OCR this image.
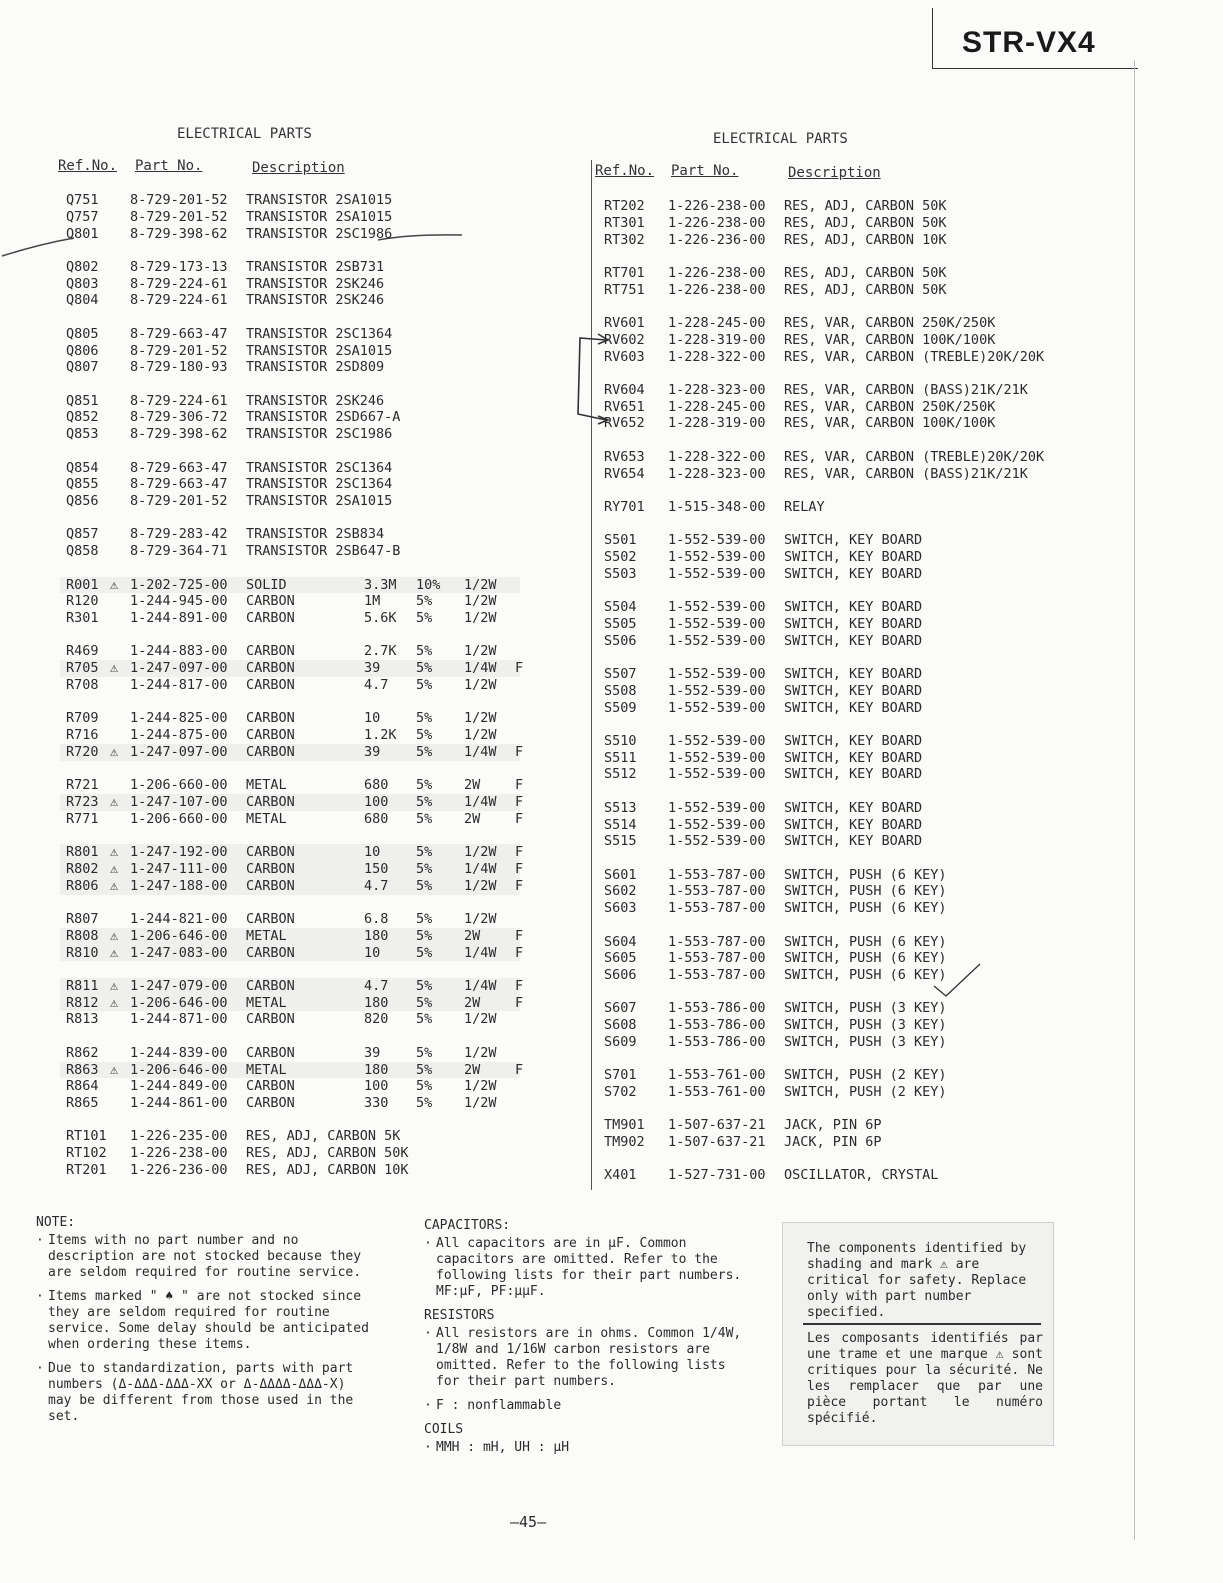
STR-VX4
ELECTRICAL PARTS
Ref.No. Part No.	Description
Q751 8-729-201-52 TRANSISTOR 2SA1015
Q757 8-729-201-52 TRANSISTOR 2SA1015
Q801 8-729-398-62 TRANSISTOR 2SC1986
Q802 8-729-173-13 TRANSISTOR 2SB731
Q803 8-729-224-61 TRANSISTOR 2SK246
Q804 8-729-224-61 TRANSISTOR 2SK246
Q805 8-729-663-47 TRANSISTOR 2SC1364
Q806 8-729-201-52 TRANSISTOR 2SA1015
Q807 8-729-180-93 TRANSISTOR 2SD809
Q851 8-729-224-61 TRANSISTOR 2SK246
Q852 8-729-306-72 TRANSISTOR 2SD667-A
Q853 8-729-398-62 TRANSISTOR 2SC1986
Q854 8-729-663-47 TRANSISTOR 2SC1364
Q855 8-729-663-47 TRANSISTOR 2SC1364
Q856 8-729-201-52 TRANSISTOR 2SA1015
Q857 8-729-283-42 TRANSISTOR 2SB834
Q858 8-729-364-71 TRANSISTOR 2SB647-B
R001 ⚠ 1-202-725-00 SOLID	3.3M 10% 1/2W
R120 1-244-945-00 CARBON	1M	5% 1/2W
R301 1-244-891-00 CARBON	5.6K 5% 1/2W
R469 1-244-883-00 CARBON	2.7K 5% 1/2W
R705 ⚠ 1-247-097-00 CARBON	39	5% 1/4W F
R708 1-244-817-00 CARBON	4.7 5% 1/2W
R709 1-244-825-00 CARBON	10	5% 1/2W
R716 1-244-875-00 CARBON	1.2K 5% 1/2W
R720 ⚠ 1-247-097-00 CARBON	39	5% 1/4W F
R721 1-206-660-00 METAL	680 5% 2W	F
R723 ⚠ 1-247-107-00 CARBON	100 5% 1/4W F
R771 1-206-660-00 METAL	680 5% 2W	F
R801 ⚠ 1-247-192-00 CARBON	10	5% 1/2W F
R802 ⚠ 1-247-111-00 CARBON	150 5% 1/4W F
R806 ⚠ 1-247-188-00 CARBON	4.7 5% 1/2W F
R807 1-244-821-00 CARBON	6.8 5% 1/2W
R808 ⚠ 1-206-646-00 METAL	180 5% 2W	F
R810 ⚠ 1-247-083-00 CARBON	10	5% 1/4W F
R811 ⚠ 1-247-079-00 CARBON	4.7 5% 1/4W F
R812 ⚠ 1-206-646-00 METAL	180 5% 2W	F
R813 1-244-871-00 CARBON	820 5% 1/2W
R862 1-244-839-00 CARBON	39	5% 1/2W
R863 ⚠ 1-206-646-00 METAL	180 5% 2W	F
R864 1-244-849-00 CARBON	100 5% 1/2W
R865 1-244-861-00 CARBON	330 5% 1/2W
RT101 1-226-235-00 RES, ADJ, CARBON 5K
RT102 1-226-238-00 RES, ADJ, CARBON 50K
RT201 1-226-236-00 RES, ADJ, CARBON 10K
ELECTRICAL PARTS
Ref.No. Part No.	Description
RT202 1-226-238-00 RES, ADJ, CARBON 50K
RT301 1-226-238-00 RES, ADJ, CARBON 50K
RT302 1-226-236-00 RES, ADJ, CARBON 10K
RT701 1-226-238-00 RES, ADJ, CARBON 50K
RT751 1-226-238-00 RES, ADJ, CARBON 50K
RV601 1-228-245-00 RES, VAR, CARBON 250K/250K
RV602 1-228-319-00 RES, VAR, CARBON 100K/100K
RV603 1-228-322-00 RES, VAR, CARBON (TREBLE)20K/20K
RV604 1-228-323-00 RES, VAR, CARBON (BASS)21K/21K
RV651 1-228-245-00 RES, VAR, CARBON 250K/250K
RV652 1-228-319-00 RES, VAR, CARBON 100K/100K
RV653 1-228-322-00 RES, VAR, CARBON (TREBLE)20K/20K
RV654 1-228-323-00 RES, VAR, CARBON (BASS)21K/21K
RY701 1-515-348-00 RELAY
S501 1-552-539-00 SWITCH, KEY BOARD
S502 1-552-539-00 SWITCH, KEY BOARD
S503 1-552-539-00 SWITCH, KEY BOARD
S504 1-552-539-00 SWITCH, KEY BOARD
S505 1-552-539-00 SWITCH, KEY BOARD
S506 1-552-539-00 SWITCH, KEY BOARD
S507 1-552-539-00 SWITCH, KEY BOARD
S508 1-552-539-00 SWITCH, KEY BOARD
S509 1-552-539-00 SWITCH, KEY BOARD
S510 1-552-539-00 SWITCH, KEY BOARD
S511 1-552-539-00 SWITCH, KEY BOARD
S512 1-552-539-00 SWITCH, KEY BOARD
S513 1-552-539-00 SWITCH, KEY BOARD
S514 1-552-539-00 SWITCH, KEY BOARD
S515 1-552-539-00 SWITCH, KEY BOARD
S601 1-553-787-00 SWITCH, PUSH (6 KEY)
S602 1-553-787-00 SWITCH, PUSH (6 KEY)
S603 1-553-787-00 SWITCH, PUSH (6 KEY)
S604 1-553-787-00 SWITCH, PUSH (6 KEY)
S605 1-553-787-00 SWITCH, PUSH (6 KEY)
S606 1-553-787-00 SWITCH, PUSH (6 KEY)
S607 1-553-786-00 SWITCH, PUSH (3 KEY)
S608 1-553-786-00 SWITCH, PUSH (3 KEY)
S609 1-553-786-00 SWITCH, PUSH (3 KEY)
S701 1-553-761-00 SWITCH, PUSH (2 KEY)
S702 1-553-761-00 SWITCH, PUSH (2 KEY)
TM901 1-507-637-21 JACK, PIN 6P
TM902 1-507-637-21 JACK, PIN 6P
X401 1-527-731-00 OSCILLATOR, CRYSTAL
NOTE:
· Items with no part number and no description are not stocked because they are seldom required for routine service.
· Items marked " ♠ " are not stocked since they are seldom required for routine service. Some delay should be anticipated when ordering these items.
· Due to standardization, parts with part numbers (Δ-ΔΔΔ-ΔΔΔ-XX or Δ-ΔΔΔΔ-ΔΔΔ-X) may be different from those used in the set.
CAPACITORS:
· All capacitors are in μF. Common capacitors are omitted. Refer to the following lists for their part numbers. MF:μF, PF:μμF.
RESISTORS
· All resistors are in ohms. Common 1/4W, 1/8W and 1/16W carbon resistors are omitted. Refer to the following lists for their part numbers.
· F : nonflammable
COILS
· MMH : mH, UH : μH
The components identified by shading and mark ⚠ are critical for safety. Replace only with part number specified.
Les composants identifiés par une trame et une marque ⚠ sont critiques pour la sécurité. Ne les remplacer que par une pièce portant le numéro spécifié.
—45—
